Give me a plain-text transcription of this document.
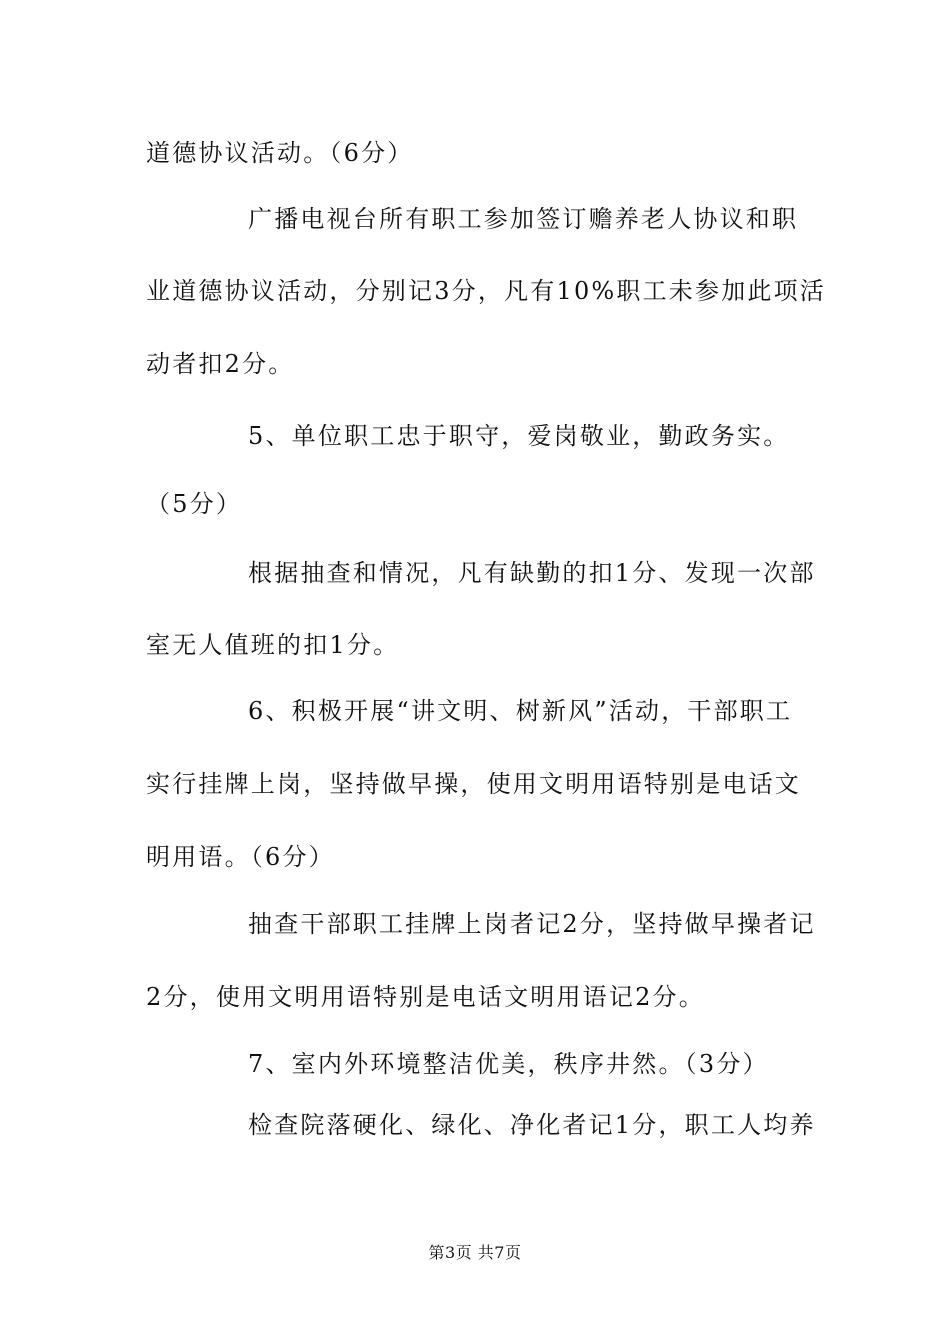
道德协议活动。（6分）
广播电视台所有职工参加签订赡养老人协议和职
业道德协议活动，分别记3分，凡有10%职工未参加此项活
动者扣2分。
5、单位职工忠于职守，爱岗敬业，勤政务实。
（5分）
根据抽查和情况，凡有缺勤的扣1分、发现一次部
室无人值班的扣1分。
6、积极开展“讲文明、树新风”活动，干部职工
实行挂牌上岗，坚持做早操，使用文明用语特别是电话文
明用语。（6分）
抽查干部职工挂牌上岗者记2分，坚持做早操者记
2分，使用文明用语特别是电话文明用语记2分。
7、室内外环境整洁优美，秩序井然。（3分）
检查院落硬化、绿化、净化者记1分，职工人均养
第3页 共7页
